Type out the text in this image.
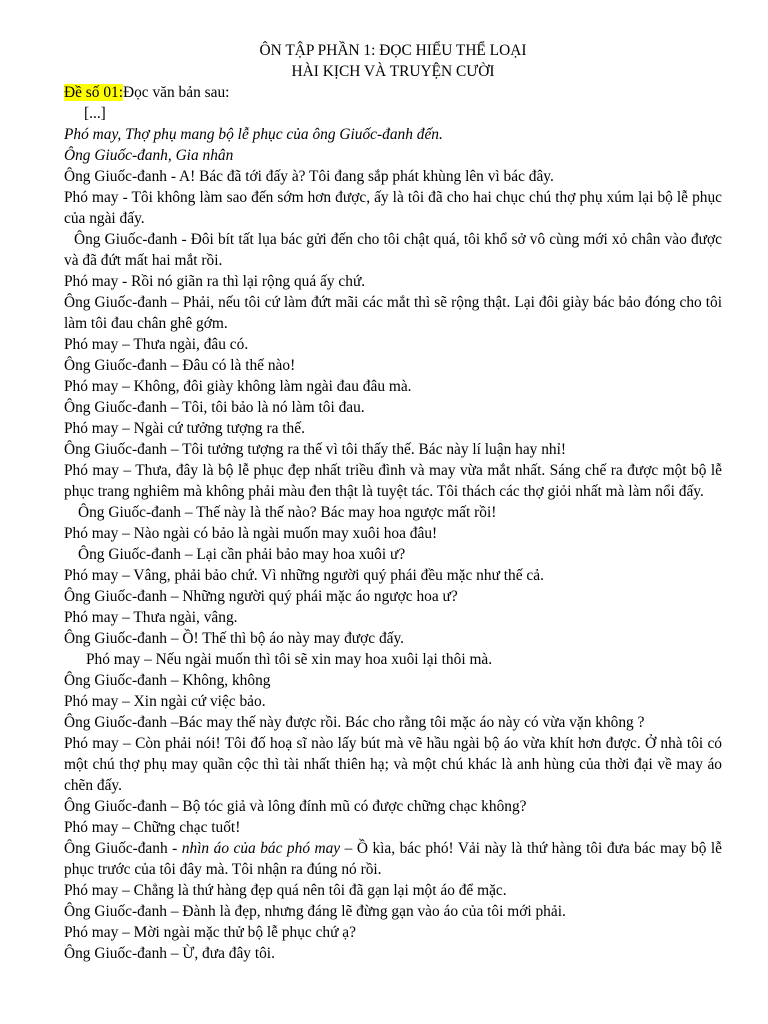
ÔN TẬP PHẦN 1: ĐỌC HIỂU THỂ LOẠI
HÀI KỊCH VÀ TRUYỆN CƯỜI

Đề số 01:Đọc văn bản sau:

[...]

Phó may, Thợ phụ mang bộ lễ phục của ông Giuốc-đanh đến.

Ông Giuốc-đanh, Gia nhân

Ông Giuốc-đanh - A! Bác đã tới đấy à? Tôi đang sắp phát khùng lên vì bác đây.

Phó may - Tôi không làm sao đến sớm hơn được, ấy là tôi đã cho hai chục chú thợ phụ xúm lại bộ lễ phục của ngài đấy.

Ông Giuốc-đanh - Đôi bít tất lụa bác gửi đến cho tôi chật quá, tôi khổ sở vô cùng mới xỏ chân vào được và đã đứt mất hai mắt rồi.

Phó may - Rồi nó giãn ra thì lại rộng quá ấy chứ.

Ông Giuốc-đanh – Phải, nếu tôi cứ làm đứt mãi các mắt thì sẽ rộng thật. Lại đôi giày bác bảo đóng cho tôi làm tôi đau chân ghê gớm.

Phó may – Thưa ngài, đâu có.

Ông Giuốc-đanh – Đâu có là thế nào!

Phó may – Không, đôi giày không làm ngài đau đâu mà.

Ông Giuốc-đanh – Tôi, tôi bảo là nó làm tôi đau.

Phó may – Ngài cứ tưởng tượng ra thế.

Ông Giuốc-đanh – Tôi tưởng tượng ra thế vì tôi thấy thế. Bác này lí luận hay nhỉ!

Phó may – Thưa, đây là bộ lễ phục đẹp nhất triều đình và may vừa mắt nhất. Sáng chế ra được một bộ lễ phục trang nghiêm mà không phải màu đen thật là tuyệt tác. Tôi thách các thợ giỏi nhất mà làm nổi đấy.

Ông Giuốc-đanh – Thế này là thế nào? Bác may hoa ngược mất rồi!

Phó may – Nào ngài có bảo là ngài muốn may xuôi hoa đâu!

Ông Giuốc-đanh – Lại cần phải bảo may hoa xuôi ư?

Phó may – Vâng, phải bảo chứ. Vì những người quý phái đều mặc như thế cả.

Ông Giuốc-đanh – Những người quý phái mặc áo ngược hoa ư?

Phó may – Thưa ngài, vâng.

Ông Giuốc-đanh – Ồ! Thế thì bộ áo này may được đấy.

Phó may – Nếu ngài muốn thì tôi sẽ xin may hoa xuôi lại thôi mà.

Ông Giuốc-đanh – Không, không

Phó may – Xin ngài cứ việc bảo.

Ông Giuốc-đanh –Bác may thế này được rồi. Bác cho rằng tôi mặc áo này có vừa vặn không ?

Phó may – Còn phải nói! Tôi đố hoạ sĩ nào lấy bút mà vẽ hầu ngài bộ áo vừa khít hơn được. Ở nhà tôi có một chú thợ phụ may quần cộc thì tài nhất thiên hạ; và một chú khác là anh hùng của thời đại về may áo chẽn đấy.

Ông Giuốc-đanh – Bộ tóc giả và lông đính mũ có được chững chạc không?

Phó may – Chững chạc tuốt!

Ông Giuốc-đanh - nhìn áo của bác phó may – Ồ kìa, bác phó! Vải này là thứ hàng tôi đưa bác may bộ lễ phục trước của tôi đây mà. Tôi nhận ra đúng nó rồi.

Phó may – Chẳng là thứ hàng đẹp quá nên tôi đã gạn lại một áo để mặc.

Ông Giuốc-đanh – Đành là đẹp, nhưng đáng lẽ đừng gạn vào áo của tôi mới phải.

Phó may – Mời ngài mặc thử bộ lễ phục chứ ạ?

Ông Giuốc-đanh – Ừ, đưa đây tôi.
